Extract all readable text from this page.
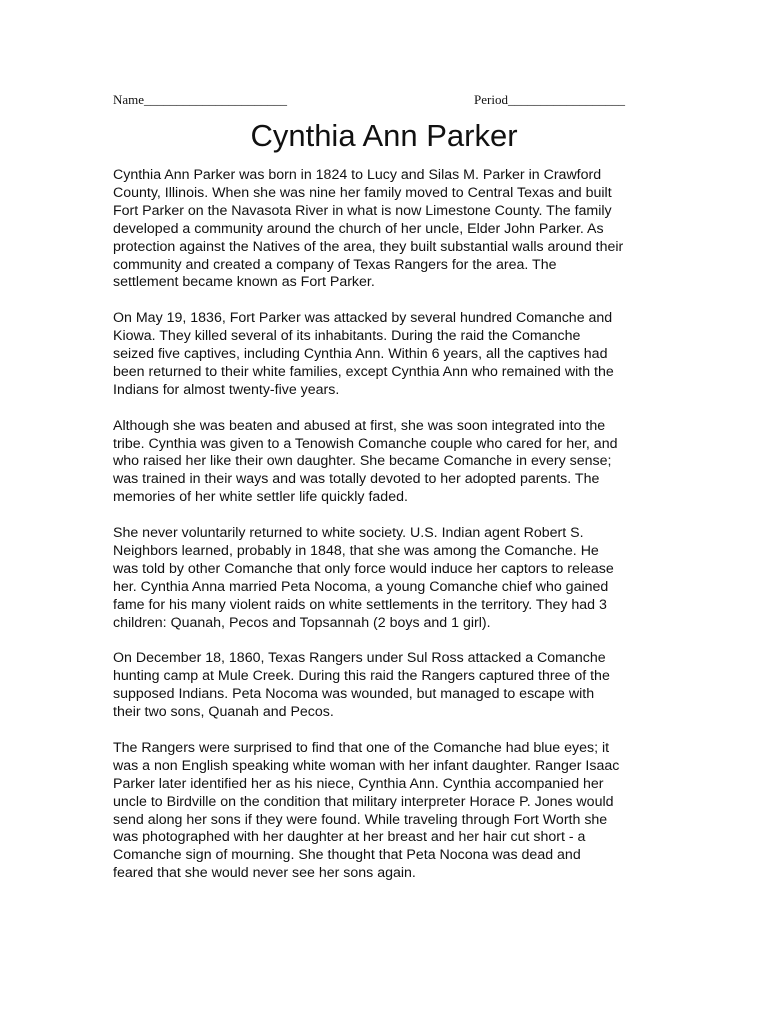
Name______________________	Period__________________
Cynthia Ann Parker

Cynthia Ann Parker was born in 1824 to Lucy and Silas M. Parker in Crawford
County, Illinois. When she was nine her family moved to Central Texas and built
Fort Parker on the Navasota River in what is now Limestone County. The family
developed a community around the church of her uncle, Elder John Parker. As
protection against the Natives of the area, they built substantial walls around their
community and created a company of Texas Rangers for the area. The
settlement became known as Fort Parker.

On May 19, 1836, Fort Parker was attacked by several hundred Comanche and
Kiowa. They killed several of its inhabitants. During the raid the Comanche
seized five captives, including Cynthia Ann. Within 6 years, all the captives had
been returned to their white families, except Cynthia Ann who remained with the
Indians for almost twenty-five years.

Although she was beaten and abused at first, she was soon integrated into the
tribe. Cynthia was given to a Tenowish Comanche couple who cared for her, and
who raised her like their own daughter. She became Comanche in every sense;
was trained in their ways and was totally devoted to her adopted parents. The
memories of her white settler life quickly faded.

She never voluntarily returned to white society. U.S. Indian agent Robert S.
Neighbors learned, probably in 1848, that she was among the Comanche. He
was told by other Comanche that only force would induce her captors to release
her. Cynthia Anna married Peta Nocoma, a young Comanche chief who gained
fame for his many violent raids on white settlements in the territory. They had 3
children: Quanah, Pecos and Topsannah (2 boys and 1 girl).

On December 18, 1860, Texas Rangers under Sul Ross attacked a Comanche
hunting camp at Mule Creek. During this raid the Rangers captured three of the
supposed Indians. Peta Nocoma was wounded, but managed to escape with
their two sons, Quanah and Pecos.

The Rangers were surprised to find that one of the Comanche had blue eyes; it
was a non English speaking white woman with her infant daughter. Ranger Isaac
Parker later identified her as his niece, Cynthia Ann. Cynthia accompanied her
uncle to Birdville on the condition that military interpreter Horace P. Jones would
send along her sons if they were found. While traveling through Fort Worth she
was photographed with her daughter at her breast and her hair cut short - a
Comanche sign of mourning. She thought that Peta Nocona was dead and
feared that she would never see her sons again.
